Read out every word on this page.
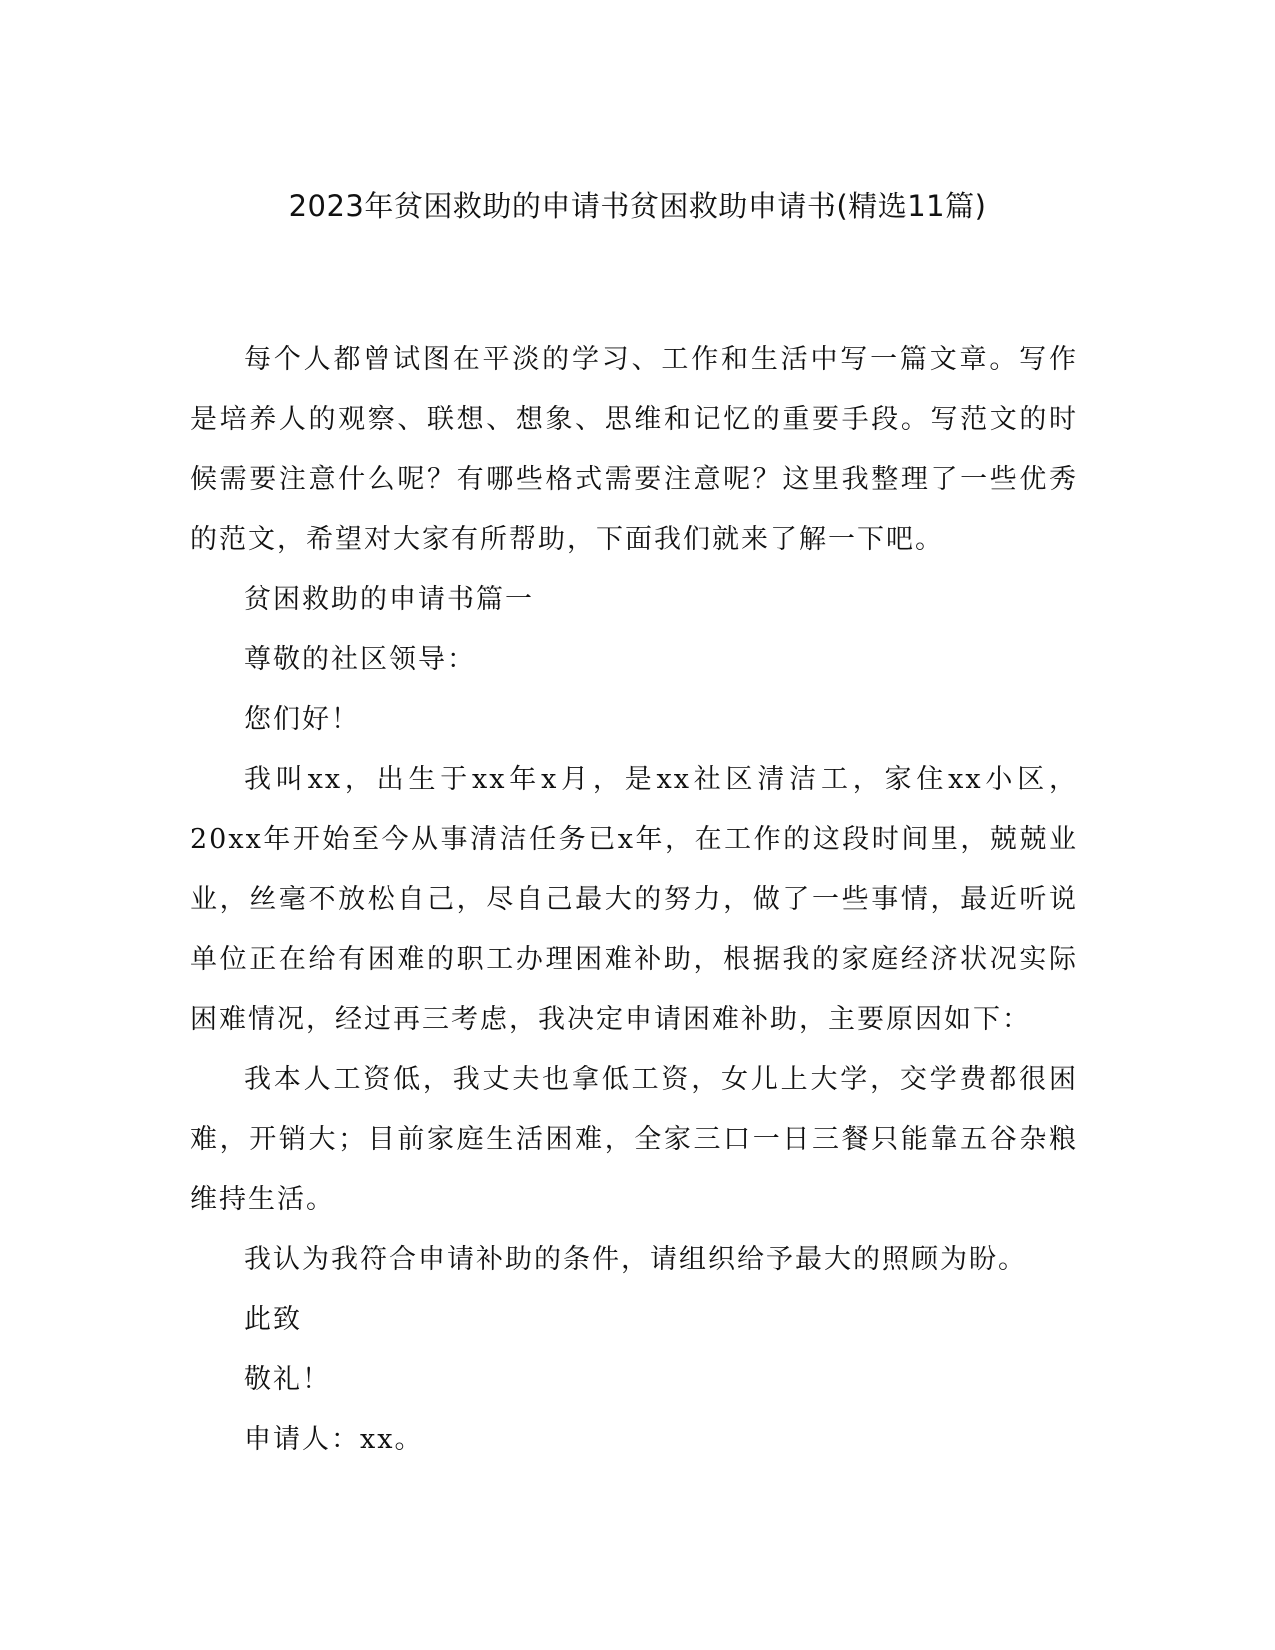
2023年贫困救助的申请书贫困救助申请书(精选11篇)

每个人都曾试图在平淡的学习、工作和生活中写一篇文章。写作是培养人的观察、联想、想象、思维和记忆的重要手段。写范文的时候需要注意什么呢？有哪些格式需要注意呢？这里我整理了一些优秀的范文，希望对大家有所帮助，下面我们就来了解一下吧。

贫困救助的申请书篇一

尊敬的社区领导：

您们好！

我叫xx，出生于xx年x月，是xx社区清洁工，家住xx小区，20xx年开始至今从事清洁任务已x年，在工作的这段时间里，兢兢业业，丝毫不放松自己，尽自己最大的努力，做了一些事情，最近听说单位正在给有困难的职工办理困难补助，根据我的家庭经济状况实际困难情况，经过再三考虑，我决定申请困难补助，主要原因如下：

我本人工资低，我丈夫也拿低工资，女儿上大学，交学费都很困难，开销大；目前家庭生活困难，全家三口一日三餐只能靠五谷杂粮维持生活。

我认为我符合申请补助的条件，请组织给予最大的照顾为盼。

此致

敬礼！

申请人：xx。
